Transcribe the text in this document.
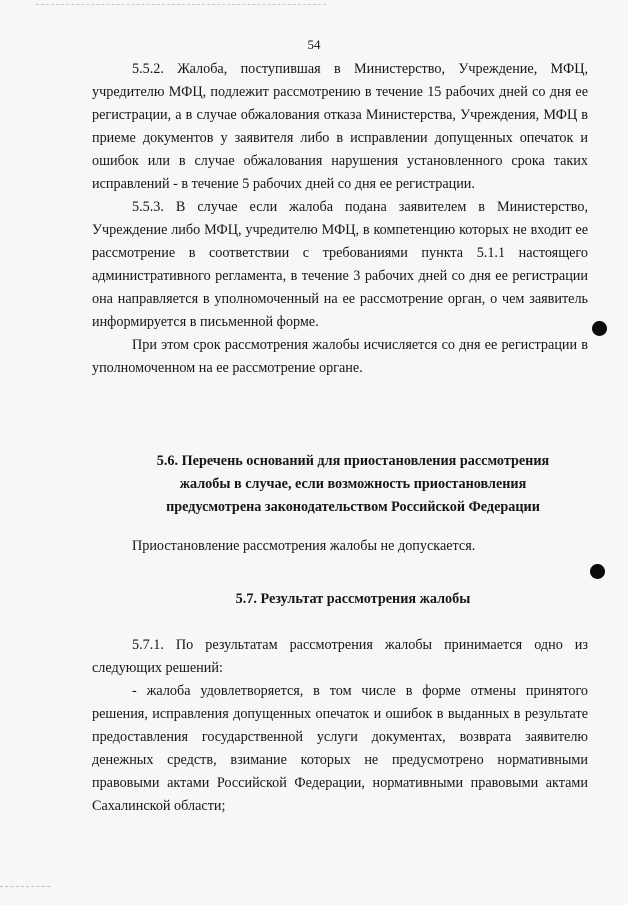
54

5.5.2. Жалоба, поступившая в Министерство, Учреждение, МФЦ, учредителю МФЦ, подлежит рассмотрению в течение 15 рабочих дней со дня ее регистрации, а в случае обжалования отказа Министерства, Учреждения, МФЦ в приеме документов у заявителя либо в исправлении допущенных опечаток и ошибок или в случае обжалования нарушения установленного срока таких исправлений - в течение 5 рабочих дней со дня ее регистрации.

5.5.3. В случае если жалоба подана заявителем в Министерство, Учреждение либо МФЦ, учредителю МФЦ, в компетенцию которых не входит ее рассмотрение в соответствии с требованиями пункта 5.1.1 настоящего административного регламента, в течение 3 рабочих дней со дня ее регистрации она направляется в уполномоченный на ее рассмотрение орган, о чем заявитель информируется в письменной форме.

При этом срок рассмотрения жалобы исчисляется со дня ее регистрации в уполномоченном на ее рассмотрение органе.

5.6. Перечень оснований для приостановления рассмотрения
жалобы в случае, если возможность приостановления
предусмотрена законодательством Российской Федерации

Приостановление рассмотрения жалобы не допускается.

5.7. Результат рассмотрения жалобы

5.7.1. По результатам рассмотрения жалобы принимается одно из следующих решений:

- жалоба удовлетворяется, в том числе в форме отмены принятого решения, исправления допущенных опечаток и ошибок в выданных в результате предоставления государственной услуги документах, возврата заявителю денежных средств, взимание которых не предусмотрено нормативными правовыми актами Российской Федерации, нормативными правовыми актами Сахалинской области;
